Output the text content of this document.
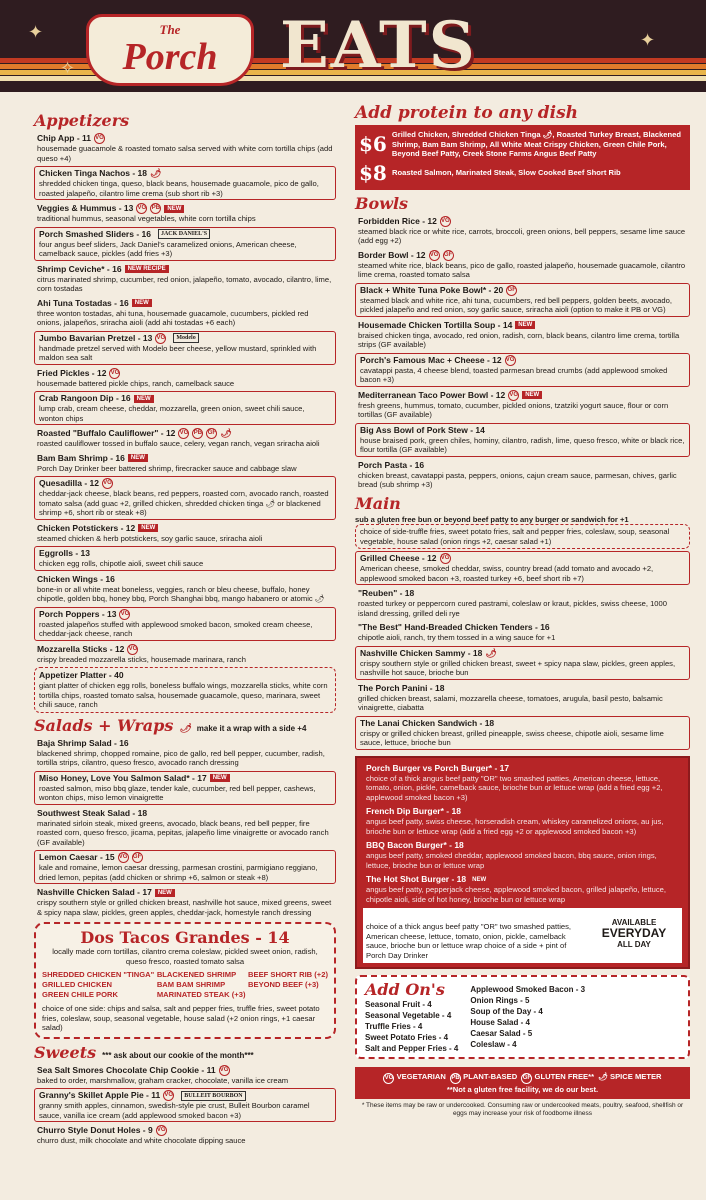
✦
✧
✦
The
Porch EATS
Appetizers
Chip App - 11 VG
housemade guacamole & roasted tomato salsa served with white corn tortilla chips (add queso +4)
Chicken Tinga Nachos - 18 🌶
shredded chicken tinga, queso, black beans, housemade guacamole, pico de gallo, roasted jalapeño, cilantro lime crema (sub short rib +3)
Veggies & Hummus - 13 VG PB	NEW
traditional hummus, seasonal vegetables, white corn tortilla chips
Porch Smashed Sliders - 16	JACK DANIEL'S
four angus beef sliders, Jack Daniel's caramelized onions, American cheese, camelback sauce, pickles (add fries +3)
Shrimp Ceviche* - 16	NEW RECIPE
citrus marinated shrimp, cucumber, red onion, jalapeño, tomato, avocado, cilantro, lime, corn tostadas
Ahi Tuna Tostadas - 16	NEW
three wonton tostadas, ahi tuna, housemade guacamole, cucumbers, pickled red onions, jalapeños, sriracha aioli (add ahi tostadas +6 each)
Jumbo Bavarian Pretzel - 13 VG	Modelo
handmade pretzel served with Modelo beer cheese, yellow mustard, sprinkled with maldon sea salt
Fried Pickles - 12 VG
housemade battered pickle chips, ranch, camelback sauce
Crab Rangoon Dip - 16	NEW
lump crab, cream cheese, cheddar, mozzarella, green onion, sweet chili sauce, wonton chips
Roasted "Buffalo Cauliflower" - 12 VG PB GF 🌶
roasted cauliflower tossed in buffalo sauce, celery, vegan ranch, vegan sriracha aioli
Bam Bam Shrimp - 16	NEW
Porch Day Drinker beer battered shrimp, firecracker sauce and cabbage slaw
Quesadilla - 12 VG
cheddar-jack cheese, black beans, red peppers, roasted corn, avocado ranch, roasted tomato salsa (add guac +2, grilled chicken, shredded chicken tinga 🌶 or blackened shrimp +6, short rib or steak +8)
Chicken Potstickers - 12	NEW
steamed chicken & herb potstickers, soy garlic sauce, sriracha aioli
Eggrolls - 13
chicken egg rolls, chipotle aioli, sweet chili sauce
Chicken Wings - 16
bone-in or all white meat boneless, veggies, ranch or bleu cheese, buffalo, honey chipotle, golden bbq, honey bbq, Porch Shanghai bbq, mango habanero or atomic 🌶
Porch Poppers - 13 VG
roasted jalapeños stuffed with applewood smoked bacon, smoked cream cheese, cheddar-jack cheese, ranch
Mozzarella Sticks - 12 VG
crispy breaded mozzarella sticks, housemade marinara, ranch
Appetizer Platter - 40
giant platter of chicken egg rolls, boneless buffalo wings, mozzarella sticks, white corn tortilla chips, roasted tomato salsa, housemade guacamole, queso, marinara, sweet chili sauce, ranch
Salads + Wraps 🌶 make it a wrap with a side +4
Baja Shrimp Salad - 16
blackened shrimp, chopped romaine, pico de gallo, red bell pepper, cucumber, radish, tortilla strips, cilantro, queso fresco, avocado ranch dressing
Miso Honey, Love You Salmon Salad* - 17	NEW
roasted salmon, miso bbq glaze, tender kale, cucumber, red bell pepper, cashews, wonton chips, miso lemon vinaigrette
Southwest Steak Salad - 18
marinated sirloin steak, mixed greens, avocado, black beans, red bell pepper, fire roasted corn, queso fresco, jicama, pepitas, jalapeño lime vinaigrette or avocado ranch (GF available)
Lemon Caesar - 15 VG GF
kale and romaine, lemon caesar dressing, parmesan crostini, parmigiano reggiano, dried lemon, pepitas (add chicken or shrimp +6, salmon or steak +8)
Nashville Chicken Salad - 17	NEW
crispy southern style or grilled chicken breast, nashville hot sauce, mixed greens, sweet & spicy napa slaw, pickles, green apples, cheddar-jack, homestyle ranch dressing
Dos Tacos Grandes - 14
locally made corn tortillas, cilantro crema coleslaw, pickled sweet onion, radish, queso fresco, roasted tomato salsa
SHREDDED CHICKEN "TINGA"
GRILLED CHICKEN
GREEN CHILE PORK
BLACKENED SHRIMP
BAM BAM SHRIMP
MARINATED STEAK (+3)
BEEF SHORT RIB (+2)
BEYOND BEEF (+3)
choice of one side: chips and salsa, salt and pepper fries, truffle fries, sweet potato fries, coleslaw, soup, seasonal vegetable, house salad (+2 onion rings, +1 caesar salad)
Sweets *** ask about our cookie of the month***
Sea Salt Smores Chocolate Chip Cookie - 11 VG
baked to order, marshmallow, graham cracker, chocolate, vanilla ice cream
Granny's Skillet Apple Pie - 11 VG	BULLEIT BOURBON
granny smith apples, cinnamon, swedish-style pie crust, Bulleit Bourbon caramel sauce, vanilla ice cream (add applewood smoked bacon +3)
Churro Style Donut Holes - 9 VG
churro dust, milk chocolate and white chocolate dipping sauce
Add protein to any dish
$6 Grilled Chicken, Shredded Chicken Tinga 🌶, Roasted Turkey Breast, Blackened Shrimp, Bam Bam Shrimp, All White Meat Crispy Chicken, Green Chile Pork, Beyond Beef Patty, Creek Stone Farms Angus Beef Patty
$8 Roasted Salmon, Marinated Steak, Slow Cooked Beef Short Rib
Bowls
Forbidden Rice - 12 VG
steamed black rice or white rice, carrots, broccoli, green onions, bell peppers, sesame lime sauce (add egg +2)
Border Bowl - 12 VG GF
steamed white rice, black beans, pico de gallo, roasted jalapeño, housemade guacamole, cilantro lime crema, roasted tomato salsa
Black + White Tuna Poke Bowl* - 20 GF
steamed black and white rice, ahi tuna, cucumbers, red bell peppers, golden beets, avocado, pickled jalapeño and red onion, soy garlic sauce, sriracha aioli (option to make it PB or VG)
Housemade Chicken Tortilla Soup - 14	NEW
braised chicken tinga, avocado, red onion, radish, corn, black beans, cilantro lime crema, tortilla strips (GF available)
Porch's Famous Mac + Cheese - 12 VG
cavatappi pasta, 4 cheese blend, toasted parmesan bread crumbs (add applewood smoked bacon +3)
Mediterranean Taco Power Bowl - 12 VG	NEW
fresh greens, hummus, tomato, cucumber, pickled onions, tzatziki yogurt sauce, flour or corn tortillas (GF available)
Big Ass Bowl of Pork Stew - 14
house braised pork, green chiles, hominy, cilantro, radish, lime, queso fresco, white or black rice, flour tortilla (GF available)
Porch Pasta - 16
chicken breast, cavatappi pasta, peppers, onions, cajun cream sauce, parmesan, chives, garlic bread (sub shrimp +3)
Main
sub a gluten free bun or beyond beef patty to any burger or sandwich for +1
choice of side-truffle fries, sweet potato fries, salt and pepper fries, coleslaw, soup, seasonal vegetable, house salad (onion rings +2, caesar salad +1)
Grilled Cheese - 12 VG
American cheese, smoked cheddar, swiss, country bread (add tomato and avocado +2, applewood smoked bacon +3, roasted turkey +6, beef short rib +7)
"Reuben" - 18
roasted turkey or peppercorn cured pastrami, coleslaw or kraut, pickles, swiss cheese, 1000 island dressing, grilled deli rye
"The Best" Hand-Breaded Chicken Tenders - 16
chipotle aioli, ranch, try them tossed in a wing sauce for +1
Nashville Chicken Sammy - 18 🌶
crispy southern style or grilled chicken breast, sweet + spicy napa slaw, pickles, green apples, nashville hot sauce, brioche bun
The Porch Panini - 18
grilled chicken breast, salami, mozzarella cheese, tomatoes, arugula, basil pesto, balsamic vinaigrette, ciabatta
The Lanai Chicken Sandwich - 18
crispy or grilled chicken breast, grilled pineapple, swiss cheese, chipotle aioli, sesame lime sauce, lettuce, brioche bun
Porch Burger vs Porch Burger* - 17
choice of a thick angus beef patty "OR" two smashed patties, American cheese, lettuce, tomato, onion, pickle, camelback sauce, brioche bun or lettuce wrap (add a fried egg +2, applewood smoked bacon +3)
French Dip Burger* - 18
angus beef patty, swiss cheese, horseradish cream, whiskey caramelized onions, au jus, brioche bun or lettuce wrap (add a fried egg +2 or applewood smoked bacon +3)
BBQ Bacon Burger* - 18
angus beef patty, smoked cheddar, applewood smoked bacon, bbq sauce, onion rings, lettuce, brioche bun or lettuce wrap
The Hot Shot Burger - 18	NEW
angus beef patty, pepperjack cheese, applewood smoked bacon, grilled jalapeño, lettuce, chipotle aioli, side of hot honey, brioche bun or lettuce wrap
Porch Burger + Side + Beer Special* - 15
choice of a thick angus beef patty "OR" two smashed patties, American cheese, lettuce, tomato, onion, pickle, camelback sauce, brioche bun or lettuce wrap choice of a side + pint of Porch Day Drinker
AVAILABLE
EVERYDAY
ALL DAY
Add On's
Seasonal Fruit - 4
Seasonal Vegetable - 4
Truffle Fries - 4
Sweet Potato Fries - 4
Salt and Pepper Fries - 4
Applewood Smoked Bacon - 3
Onion Rings - 5
Soup of the Day - 4
House Salad - 4
Caesar Salad - 5
Coleslaw - 4
VG VEGETARIAN PB PLANT-BASED GF GLUTEN FREE** 🌶 SPICE METER
**Not a gluten free facility, we do our best.
* These items may be raw or undercooked. Consuming raw or undercooked meats, poultry, seafood, shellfish or eggs may increase your risk of foodborne illness
